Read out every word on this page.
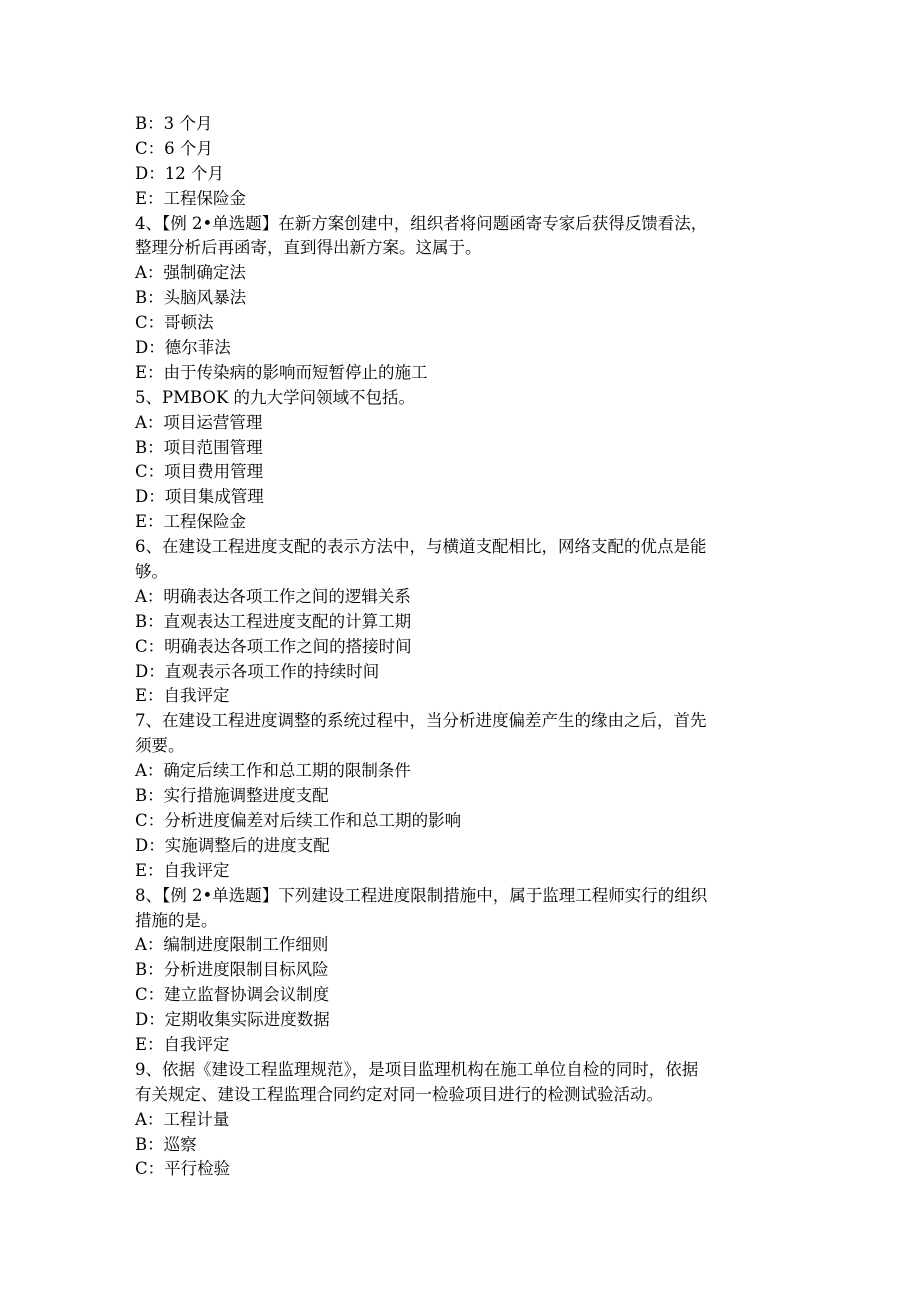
B：3 个月
C：6 个月
D：12 个月
E：工程保险金
4、【例 2•单选题】在新方案创建中，组织者将问题函寄专家后获得反馈看法，
整理分析后再函寄，直到得出新方案。这属于。
A：强制确定法
B：头脑风暴法
C：哥顿法
D：德尔菲法
E：由于传染病的影响而短暂停止的施工
5、PMBOK 的九大学问领域不包括。
A：项目运营管理
B：项目范围管理
C：项目费用管理
D：项目集成管理
E：工程保险金
6、在建设工程进度支配的表示方法中，与横道支配相比，网络支配的优点是能
够。
A：明确表达各项工作之间的逻辑关系
B：直观表达工程进度支配的计算工期
C：明确表达各项工作之间的搭接时间
D：直观表示各项工作的持续时间
E：自我评定
7、在建设工程进度调整的系统过程中，当分析进度偏差产生的缘由之后，首先
须要。
A：确定后续工作和总工期的限制条件
B：实行措施调整进度支配
C：分析进度偏差对后续工作和总工期的影响
D：实施调整后的进度支配
E：自我评定
8、【例 2•单选题】下列建设工程进度限制措施中，属于监理工程师实行的组织
措施的是。
A：编制进度限制工作细则
B：分析进度限制目标风险
C：建立监督协调会议制度
D：定期收集实际进度数据
E：自我评定
9、依据《建设工程监理规范》，是项目监理机构在施工单位自检的同时，依据
有关规定、建设工程监理合同约定对同一检验项目进行的检测试验活动。
A：工程计量
B：巡察
C：平行检验
